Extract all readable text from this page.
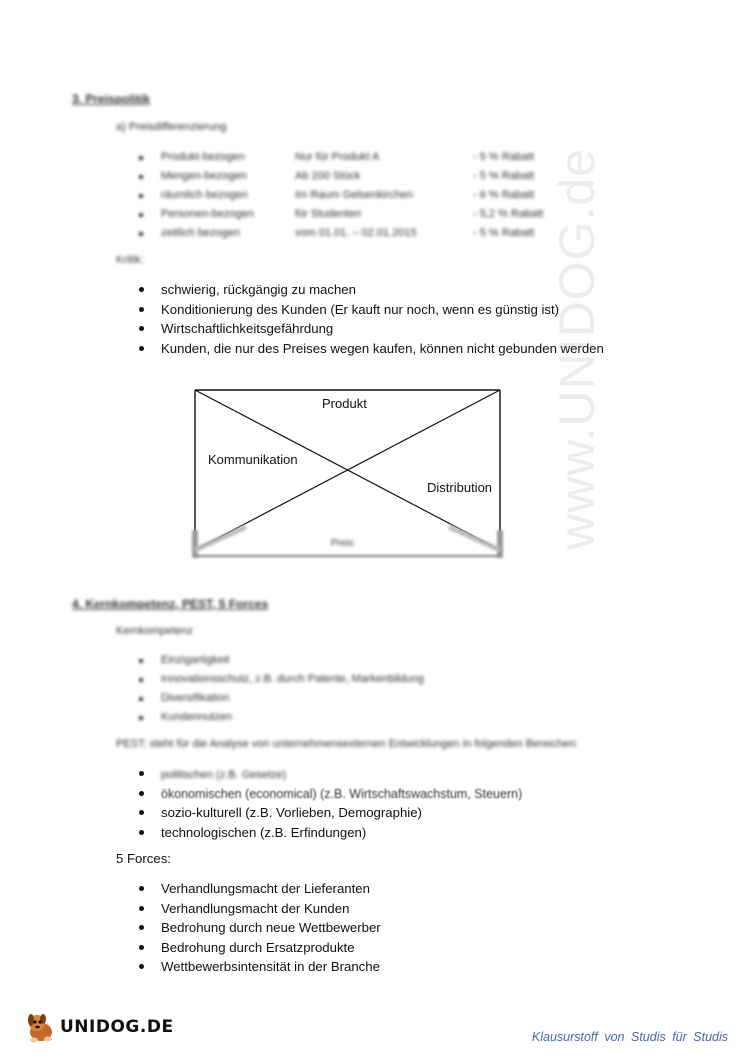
www.UNIDOG.de
3. Preispolitik
a) Preisdifferenzierung
Produkt-bezogen	Nur für Produkt A	- 5 % Rabatt
Mengen-bezogen	Ab 200 Stück	- 5 % Rabatt
räumlich bezogen	Im Raum Gelsenkirchen	- 6 % Rabatt
Personen-bezogen	für Studenten	- 5,2 % Rabatt
zeitlich bezogen	vom 01.01. – 02.01.2015	- 5 % Rabatt
Kritik:
schwierig, rückgängig zu machen
Konditionierung des Kunden (Er kauft nur noch, wenn es günstig ist)
Wirtschaftlichkeitsgefährdung
Kunden, die nur des Preises wegen kaufen, können nicht gebunden werden
Produkt
Kommunikation
Distribution
Preis
4. Kernkompetenz, PEST, 5 Forces
Kernkompetenz
Einzigartigkeit
Innovationsschutz, z.B. durch Patente, Markenbildung
Diversifikation
Kundennutzen
PEST: steht für die Analyse von unternehmensexternen Entwicklungen in folgenden Bereichen:
politischen (z.B. Gesetze)
ökonomischen (economical) (z.B. Wirtschaftswachstum, Steuern)
sozio-kulturell (z.B. Vorlieben, Demographie)
technologischen (z.B. Erfindungen)
5 Forces:
Verhandlungsmacht der Lieferanten
Verhandlungsmacht der Kunden
Bedrohung durch neue Wettbewerber
Bedrohung durch Ersatzprodukte
Wettbewerbsintensität in der Branche
UNIDOG.DE	Klausurstoff von Studis für Studis
